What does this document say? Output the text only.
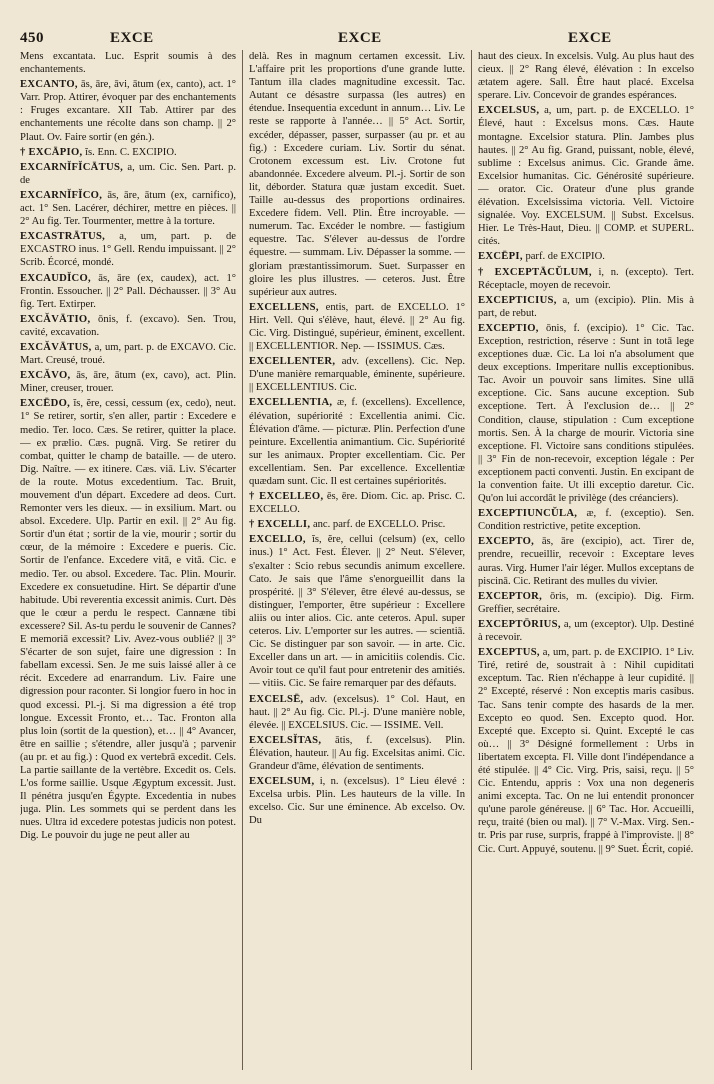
450	EXCE	EXCE	EXCE

Mens excantata. Luc. Esprit soumis à des enchantements.

EXCANTO, ās, āre, āvi, ātum (ex, canto), act. 1° Varr. Prop. Attirer, évoquer par des enchantements : Fruges excantare. XII Tab. Attirer par des enchantements une récolte dans son champ. || 2° Plaut. Ov. Faire sortir (en gén.).

† EXCĀPIO, ĭs. Enn. C. EXCIPIO.

EXCARNĬFĬCĀTUS, a, um. Cic. Sen. Part. p. de

EXCARNĬFĬCO, ās, āre, ātum (ex, carnifico), act. 1° Sen. Lacérer, déchirer, mettre en pièces. || 2° Au fig. Ter. Tourmenter, mettre à la torture.

EXCASTRĀTUS, a, um, part. p. de EXCASTRO inus. 1° Gell. Rendu impuissant. || 2° Scrib. Écorcé, mondé.

EXCAUDĬCO, ās, āre (ex, caudex), act. 1° Frontin. Essoucher. || 2° Pall. Déchausser. || 3° Au fig. Tert. Extirper.

EXCĂVĀTIO, ōnis, f. (excavo). Sen. Trou, cavité, excavation.

EXCĂVĀTUS, a, um, part. p. de EXCAVO. Cic. Mart. Creusé, troué.

EXCĂVO, ās, āre, ātum (ex, cavo), act. Plin. Miner, creuser, trouer.

EXCĒDO, ĭs, ĕre, cessi, cessum (ex, cedo), neut. 1° Se retirer, sortir, s'en aller, partir : Excedere e medio. Ter. loco. Cæs. Se retirer, quitter la place. — ex prælio. Cæs. pugnā. Virg. Se retirer du combat, quitter le champ de bataille. — de utero. Dig. Naître. — ex itinere. Cæs. viā. Liv. S'écarter de la route. Motus excedentium. Tac. Bruit, mouvement d'un départ. Excedere ad deos. Curt. Remonter vers les dieux. — in exsilium. Mart. ou absol. Excedere. Ulp. Partir en exil. || 2° Au fig. Sortir d'un état ; sortir de la vie, mourir ; sortir du cœur, de la mémoire : Excedere e pueris. Cic. Sortir de l'enfance. Excedere vitā, e vitā. Cic. e medio. Ter. ou absol. Excedere. Tac. Plin. Mourir. Excedere ex consuetudine. Hirt. Se départir d'une habitude. Ubi reverentia excessit animis. Curt. Dès que le cœur a perdu le respect. Cannæne tibi excessere? Sil. As-tu perdu le souvenir de Cannes? E memoriā excessit? Liv. Avez-vous oublié? || 3° S'écarter de son sujet, faire une digression : In fabellam excessi. Sen. Je me suis laissé aller à ce récit. Excedere ad enarrandum. Liv. Faire une digression pour raconter. Si longior fuero in hoc in quod excessi. Pl.-j. Si ma digression a été trop longue. Excessit Fronto, et… Tac. Fronton alla plus loin (sortit de la question), et… || 4° Avancer, être en saillie ; s'étendre, aller jusqu'à ; parvenir (au pr. et au fig.) : Quod ex vertebrā excedit. Cels. La partie saillante de la vertèbre. Excedit os. Cels. L'os forme saillie. Usque Ægyptum excessit. Just. Il pénétra jusqu'en Égypte. Excedentia in nubes juga. Plin. Les sommets qui se perdent dans les nues. Ultra id excedere potestas judicis non potest. Dig. Le pouvoir du juge ne peut aller au

delà. Res in magnum certamen excessit. Liv. L'affaire prit les proportions d'une grande lutte. Tantum illa clades magnitudine excessit. Tac. Autant ce désastre surpassa (les autres) en étendue. Insequentia excedunt in annum… Liv. Le reste se rapporte à l'année… || 5° Act. Sortir, excéder, dépasser, passer, surpasser (au pr. et au fig.) : Excedere curiam. Liv. Sortir du sénat. Crotonem excessum est. Liv. Crotone fut abandonnée. Excedere alveum. Pl.-j. Sortir de son lit, déborder. Statura quæ justam excedit. Suet. Taille au-dessus des proportions ordinaires. Excedere fidem. Vell. Plin. Être incroyable. — numerum. Tac. Excéder le nombre. — fastigium equestre. Tac. S'élever au-dessus de l'ordre équestre. — summam. Liv. Dépasser la somme. — gloriam præstantissimorum. Suet. Surpasser en gloire les plus illustres. — ceteros. Just. Être supérieur aux autres.

EXCELLENS, entis, part. de EXCELLO. 1° Hirt. Vell. Qui s'élève, haut, élevé. || 2° Au fig. Cic. Virg. Distingué, supérieur, éminent, excellent. || EXCELLENTIOR. Nep. — ISSIMUS. Cæs.

EXCELLENTER, adv. (excellens). Cic. Nep. D'une manière remarquable, éminente, supérieure. || EXCELLENTIUS. Cic.

EXCELLENTIA, æ, f. (excellens). Excellence, élévation, supériorité : Excellentia animi. Cic. Élévation d'âme. — picturæ. Plin. Perfection d'une peinture. Excellentia animantium. Cic. Supériorité sur les animaux. Propter excellentiam. Cic. Per excellentiam. Sen. Par excellence. Excellentiæ quædam sunt. Cic. Il est certaines supériorités.

† EXCELLEO, ēs, ēre. Diom. Cic. ap. Prisc. C. EXCELLO.

† EXCELLI, anc. parf. de EXCELLO. Prisc.

EXCELLO, ĭs, ĕre, cellui (celsum) (ex, cello inus.) 1° Act. Fest. Élever. || 2° Neut. S'élever, s'exalter : Scio rebus secundis animum excellere. Cato. Je sais que l'âme s'enorgueillit dans la prospérité. || 3° S'élever, être élevé au-dessus, se distinguer, l'emporter, être supérieur : Excellere aliis ou inter alios. Cic. ante ceteros. Apul. super ceteros. Liv. L'emporter sur les autres. — scientiā. Cic. Se distinguer par son savoir. — in arte. Cic. Exceller dans un art. — in amicitiis colendis. Cic. Avoir tout ce qu'il faut pour entretenir des amitiés. — vitiis. Cic. Se faire remarquer par des défauts.

EXCELSĒ, adv. (excelsus). 1° Col. Haut, en haut. || 2° Au fig. Cic. Pl.-j. D'une manière noble, élevée. || EXCELSIUS. Cic. — ISSIME. Vell.

EXCELSĬTAS, ātis, f. (excelsus). Plin. Élévation, hauteur. || Au fig. Excelsitas animi. Cic. Grandeur d'âme, élévation de sentiments.

EXCELSUM, i, n. (excelsus). 1° Lieu élevé : Excelsa urbis. Plin. Les hauteurs de la ville. In excelso. Cic. Sur une éminence. Ab excelso. Ov. Du

haut des cieux. In excelsis. Vulg. Au plus haut des cieux. || 2° Rang élevé, élévation : In excelso ætatem agere. Sall. Être haut placé. Excelsa sperare. Liv. Concevoir de grandes espérances.

EXCELSUS, a, um, part. p. de EXCELLO. 1° Élevé, haut : Excelsus mons. Cæs. Haute montagne. Excelsior statura. Plin. Jambes plus hautes. || 2° Au fig. Grand, puissant, noble, élevé, sublime : Excelsus animus. Cic. Grande âme. Excelsior humanitas. Cic. Générosité supérieure. — orator. Cic. Orateur d'une plus grande élévation. Excelsissima victoria. Vell. Victoire signalée. Voy. EXCELSUM. || Subst. Excelsus. Hier. Le Très-Haut, Dieu. || COMP. et SUPERL. cités.

EXCĒPI, parf. de EXCIPIO.

† EXCEPTĀCŬLUM, i, n. (excepto). Tert. Réceptacle, moyen de recevoir.

EXCEPTICIUS, a, um (excipio). Plin. Mis à part, de rebut.

EXCEPTIO, ōnis, f. (excipio). 1° Cic. Tac. Exception, restriction, réserve : Sunt in totā lege exceptiones duæ. Cic. La loi n'a absolument que deux exceptions. Imperitare nullis exceptionibus. Tac. Avoir un pouvoir sans limites. Sine ullā exceptione. Cic. Sans aucune exception. Sub exceptione. Tert. À l'exclusion de… || 2° Condition, clause, stipulation : Cum exceptione mortis. Sen. À la charge de mourir. Victoria sine exceptione. Fl. Victoire sans conditions stipulées. || 3° Fin de non-recevoir, exception légale : Per exceptionem pacti conventi. Justin. En excipant de la convention faite. Ut illi exceptio daretur. Cic. Qu'on lui accordât le privilège (des créanciers).

EXCEPTIUNCŬLA, æ, f. (exceptio). Sen. Condition restrictive, petite exception.

EXCEPTO, ās, āre (excipio), act. Tirer de, prendre, recueillir, recevoir : Exceptare leves auras. Virg. Humer l'air léger. Mullos exceptans de piscinā. Cic. Retirant des mulles du vivier.

EXCEPTOR, ōris, m. (excipio). Dig. Firm. Greffier, secrétaire.

EXCEPTŌRIUS, a, um (exceptor). Ulp. Destiné à recevoir.

EXCEPTUS, a, um, part. p. de EXCIPIO. 1° Liv. Tiré, retiré de, soustrait à : Nihil cupiditati exceptum. Tac. Rien n'échappe à leur cupidité. || 2° Excepté, réservé : Non exceptis maris casibus. Tac. Sans tenir compte des hasards de la mer. Excepto eo quod. Sen. Excepto quod. Hor. Excepté que. Excepto si. Quint. Excepté le cas où… || 3° Désigné formellement : Urbs in libertatem excepta. Fl. Ville dont l'indépendance a été stipulée. || 4° Cic. Virg. Pris, saisi, reçu. || 5° Cic. Entendu, appris : Vox una non degeneris animi excepta. Tac. On ne lui entendit prononcer qu'une parole généreuse. || 6° Tac. Hor. Accueilli, reçu, traité (bien ou mal). || 7° V.-Max. Virg. Sen.-tr. Pris par ruse, surpris, frappé à l'improviste. || 8° Cic. Curt. Appuyé, soutenu. || 9° Suet. Écrit, copié.
